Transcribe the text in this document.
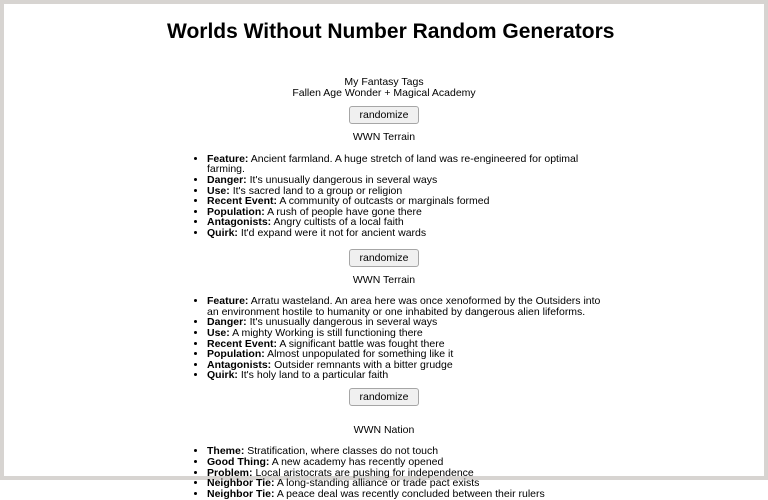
Worlds Without Number Random Generators
My Fantasy Tags
Fallen Age Wonder + Magical Academy
randomize
WWN Terrain
• Feature: Ancient farmland. A huge stretch of land was re-engineered for optimal farming.
• Danger: It's unusually dangerous in several ways
• Use: It's sacred land to a group or religion
• Recent Event: A community of outcasts or marginals formed
• Population: A rush of people have gone there
• Antagonists: Angry cultists of a local faith
• Quirk: It'd expand were it not for ancient wards
randomize
WWN Terrain
• Feature: Arratu wasteland. An area here was once xenoformed by the Outsiders into an environment hostile to humanity or one inhabited by dangerous alien lifeforms.
• Danger: It's unusually dangerous in several ways
• Use: A mighty Working is still functioning there
• Recent Event: A significant battle was fought there
• Population: Almost unpopulated for something like it
• Antagonists: Outsider remnants with a bitter grudge
• Quirk: It's holy land to a particular faith
randomize
WWN Nation
• Theme: Stratification, where classes do not touch
• Good Thing: A new academy has recently opened
• Problem: Local aristocrats are pushing for independence
• Neighbor Tie: A long-standing alliance or trade pact exists
• Neighbor Tie: A peace deal was recently concluded between their rulers
